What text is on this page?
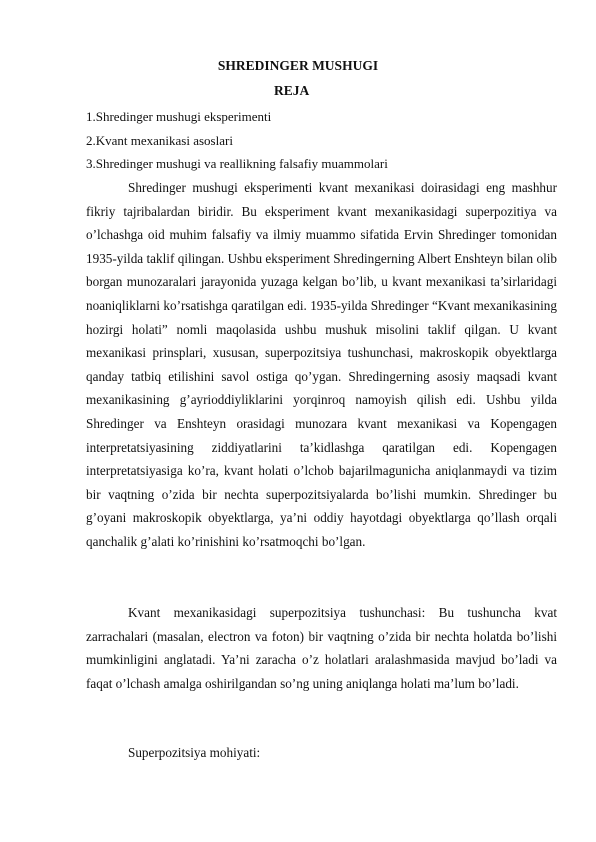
SHREDINGER MUSHUGI
REJA
1.Shredinger mushugi eksperimenti
2.Kvant mexanikasi asoslari
3.Shredinger mushugi va reallikning falsafiy muammolari

Shredinger mushugi eksperimenti kvant mexanikasi doirasidagi eng mashhur fikriy tajribalardan biridir. Bu eksperiment kvant mexanikasidagi superpozitiya va o’lchashga oid muhim falsafiy va ilmiy muammo sifatida Ervin Shredinger tomonidan 1935-yilda taklif qilingan. Ushbu eksperiment Shredingerning Albert Enshteyn bilan olib borgan munozaralari jarayonida yuzaga kelgan bo’lib, u kvant mexanikasi ta’sirlaridagi noaniqliklarni ko’rsatishga qaratilgan edi. 1935-yilda Shredinger “Kvant mexanikasining hozirgi holati” nomli maqolasida ushbu mushuk misolini taklif qilgan. U kvant mexanikasi prinsplari, xususan, superpozitsiya tushunchasi, makroskopik obyektlarga qanday tatbiq etilishini savol ostiga qo’ygan. Shredingerning asosiy maqsadi kvant mexanikasining g’ayrioddiyliklarini yorqinroq namoyish qilish edi. Ushbu yilda Shredinger va Enshteyn orasidagi munozara kvant mexanikasi va Kopengagen interpretatsiyasining ziddiyatlarini ta’kidlashga qaratilgan edi. Kopengagen interpretatsiyasiga ko’ra, kvant holati o’lchob bajarilmagunicha aniqlanmaydi va tizim bir vaqtning o’zida bir nechta superpozitsiyalarda bo’lishi mumkin. Shredinger bu g’oyani makroskopik obyektlarga, ya’ni oddiy hayotdagi obyektlarga qo’llash orqali qanchalik g’alati ko’rinishini ko’rsatmoqchi bo’lgan.

Kvant mexanikasidagi superpozitsiya tushunchasi: Bu tushuncha kvat zarrachalari (masalan, electron va foton) bir vaqtning o’zida bir nechta holatda bo’lishi mumkinligini anglatadi. Ya’ni zaracha o’z holatlari aralashmasida mavjud bo’ladi va faqat o’lchash amalga oshirilgandan so’ng uning aniqlanga holati ma’lum bo’ladi.

Superpozitsiya mohiyati:
